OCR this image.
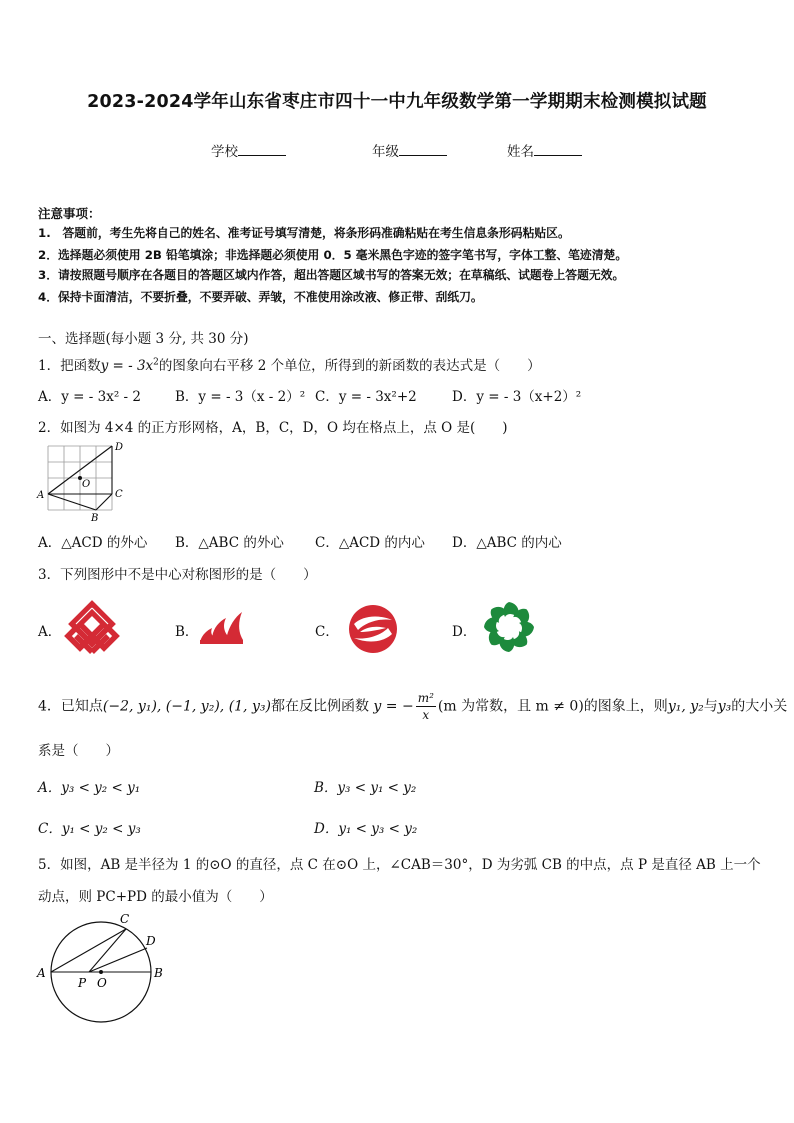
2023-2024学年山东省枣庄市四十一中九年级数学第一学期期末检测模拟试题
学校	年级	姓名
注意事项：
1.　答题前，考生先将自己的姓名、准考证号填写清楚，将条形码准确粘贴在考生信息条形码粘贴区。
2．选择题必须使用 2B 铅笔填涂；非选择题必须使用 0．5 毫米黑色字迹的签字笔书写，字体工整、笔迹清楚。
3．请按照题号顺序在各题目的答题区域内作答，超出答题区域书写的答案无效；在草稿纸、试题卷上答题无效。
4．保持卡面清洁，不要折叠，不要弄破、弄皱，不准使用涂改液、修正带、刮纸刀。
一、选择题(每小题 3 分, 共 30 分)
1．把函数y = - $3x^2$的图象向右平移 2 个单位，所得到的新函数的表达式是（　　）
A．y = - 3x² - 2	B．y = - 3（x - 2）² C．y = - 3x²+2	D．y = - 3（x+2）²
2．如图为 4×4 的正方形网格，A，B，C，D，O 均在格点上，点 O 是(　　)
D
O
A	C
B
A．△ACD 的外心 B．△ABC 的外心 C．△ACD 的内心 D．△ABC 的内心
3．下列图形中不是中心对称图形的是（　　）
A．	B．	C．	D．
4．已知点(−2, y₁), (−1, y₂), (1, y₃)都在反比例函数 y = − $\frac{\text{m²}}{x} (m$ 为常数，且 m ≠ 0)的图象上，则y₁, y₂与y₃的大小关
系是（　　）
A．y₃ < y₂ < y₁	B．y₃ < y₁ < y₂
C．y₁ < y₂ < y₃	D．y₁ < y₃ < y₂
5．如图，AB 是半径为 1 的⊙O 的直径，点 C 在⊙O 上，∠CAB＝30°，D 为劣弧 CB 的中点，点 P 是直径 AB 上一个
动点，则 PC+PD 的最小值为（　　）
C
D
A	B
P O
